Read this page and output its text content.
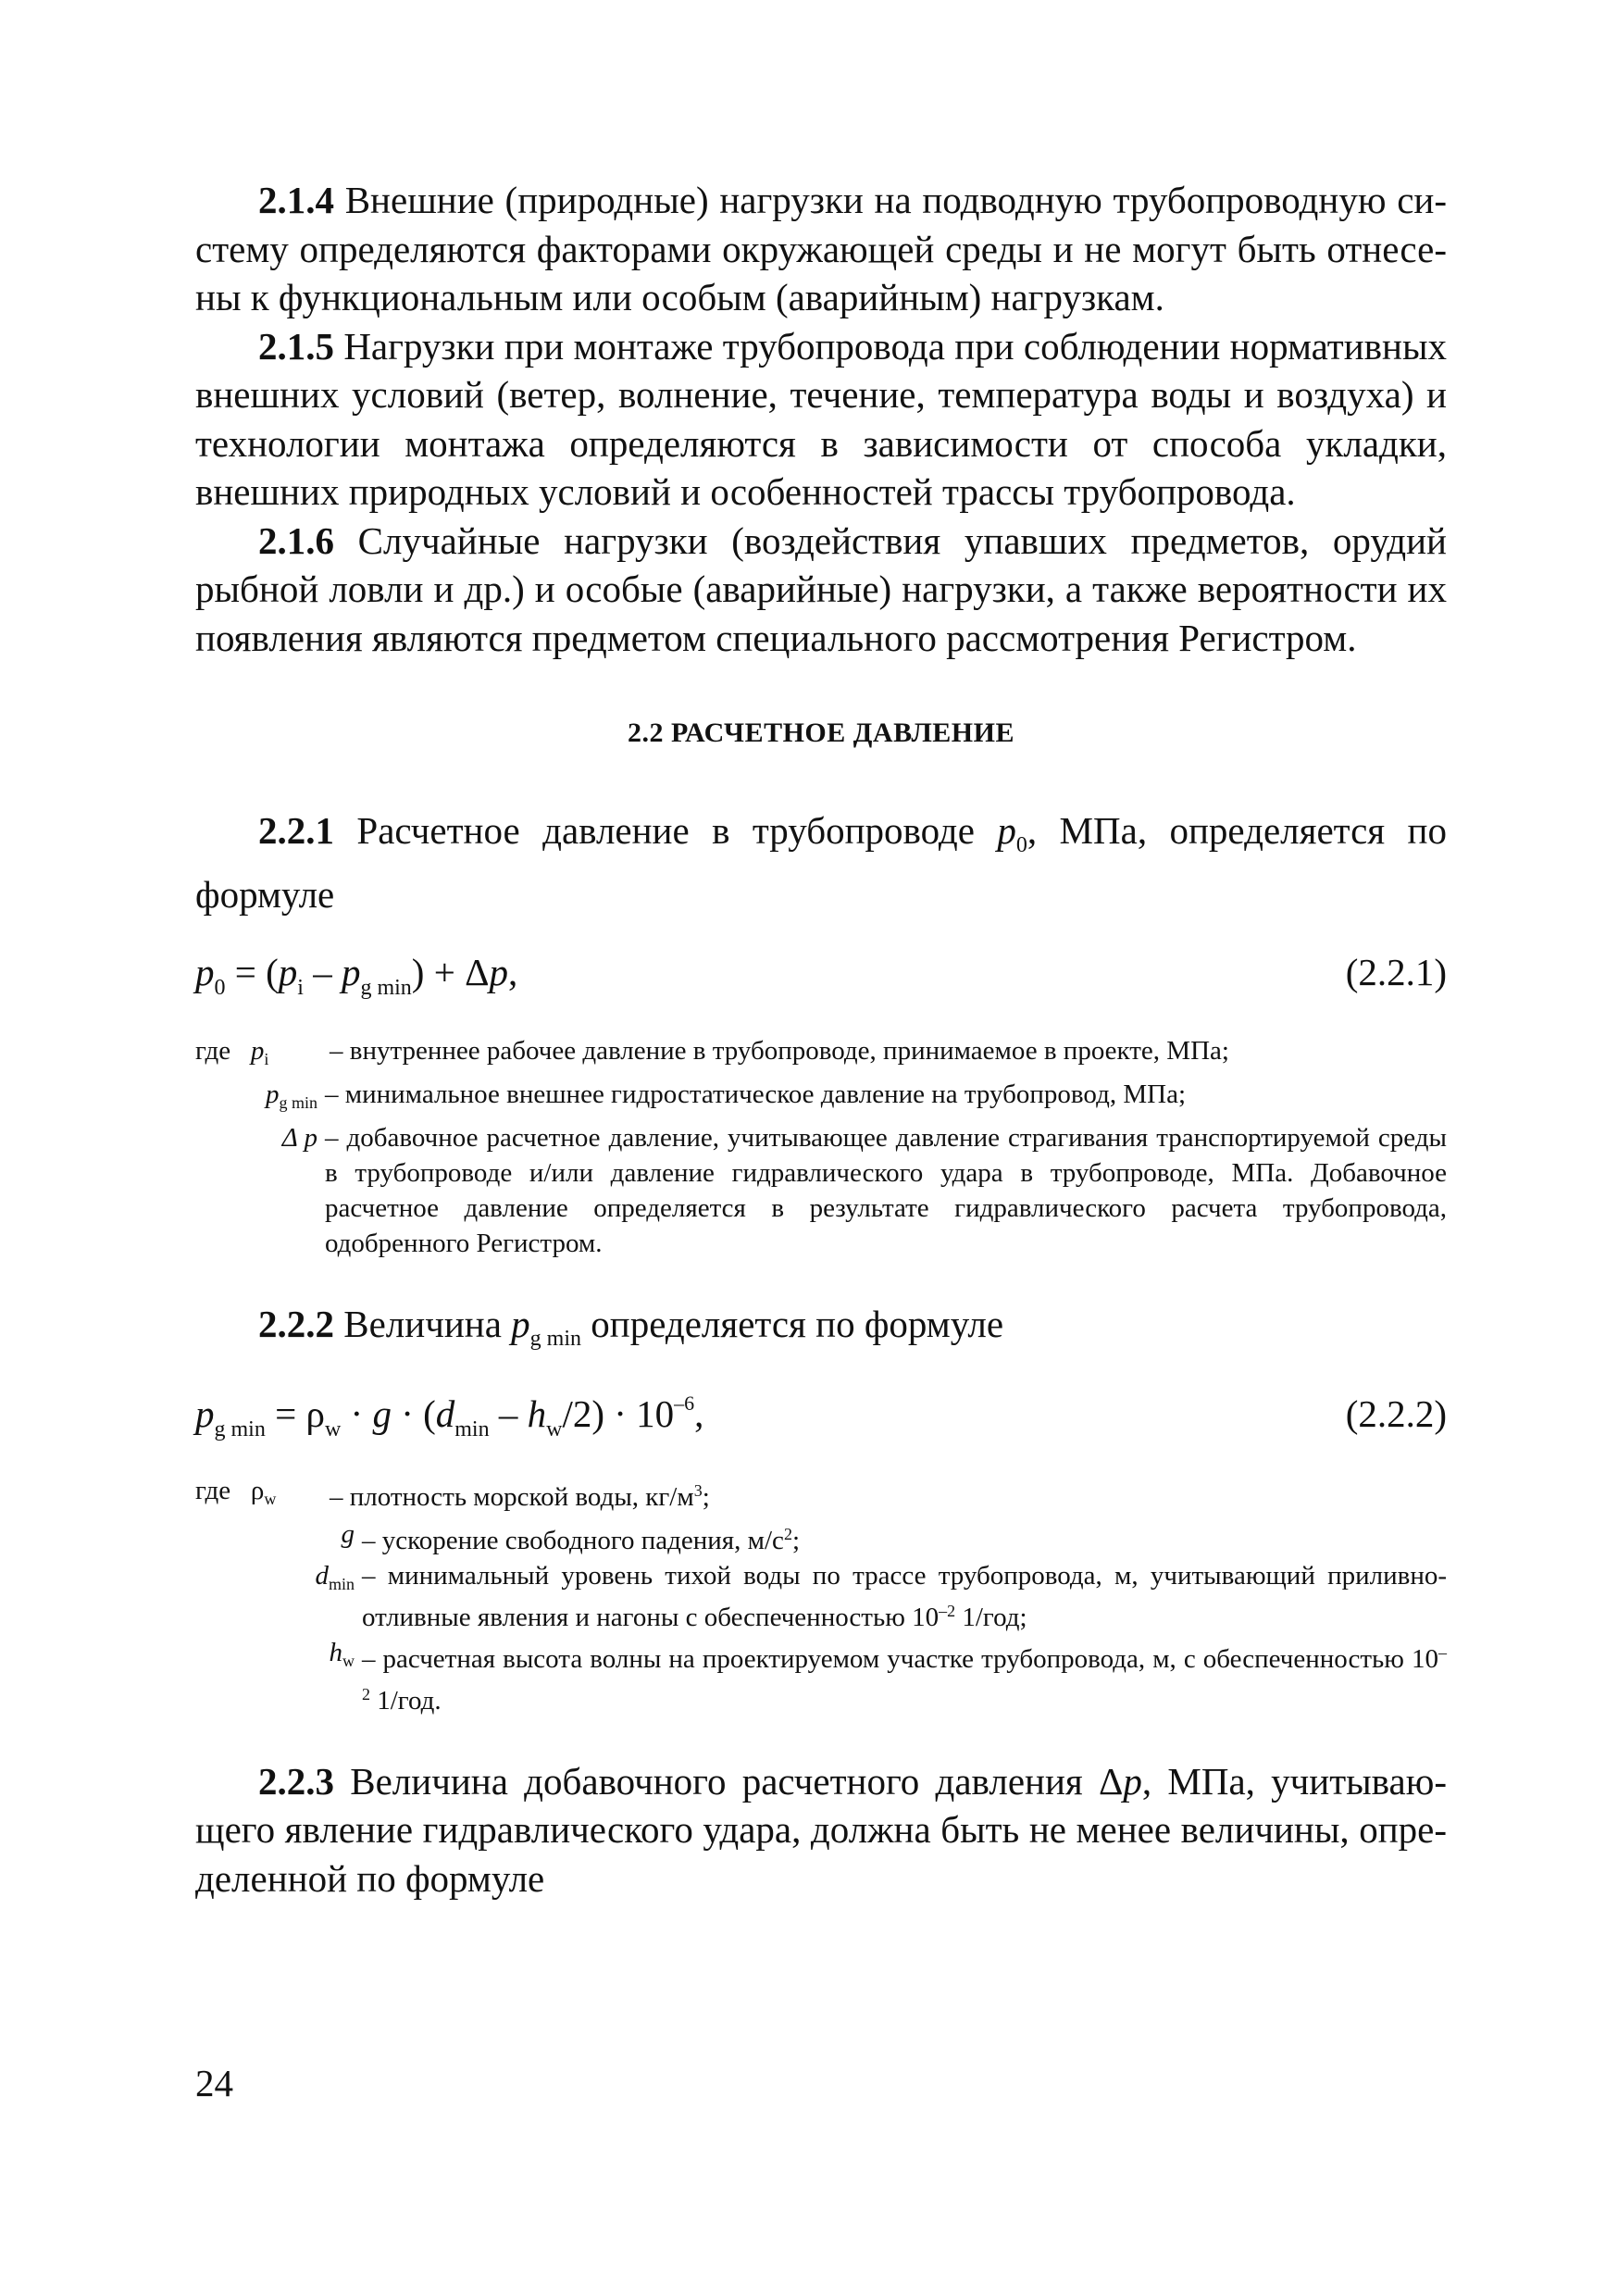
2.1.4 Внешние (природные) нагрузки на подводную трубопроводную систему определяются факторами окружающей среды и не могут быть отнесены к функциональным или особым (аварийным) нагрузкам.

2.1.5 Нагрузки при монтаже трубопровода при соблюдении нормативных внешних условий (ветер, волнение, течение, температура воды и воздуха) и технологии монтажа определяются в зависимости от способа укладки, внешних природных условий и особенностей трассы трубопровода.

2.1.6 Случайные нагрузки (воздействия упавших предметов, орудий рыбной ловли и др.) и особые (аварийные) нагрузки, а также вероятности их появления являются предметом специального рассмотрения Регистром.

2.2 РАСЧЕТНОЕ ДАВЛЕНИЕ

2.2.1 Расчетное давление в трубопроводе $p_0$, МПа, определяется по формуле

$p_0 = (p_i - p_{g min}) + \Delta p$,	(2.2.1)
где $p_i$	– внутреннее рабочее давление в трубопроводе, принимаемое в проекте, МПа;
$p_{g min}$ – минимальное внешнее гидростатическое давление на трубопровод, МПа;
Δ p – добавочное расчетное давление, учитывающее давление страгивания транспортируемой среды в трубопроводе и/или давление гидравлического удара в трубопроводе, МПа. Добавочное расчетное давление определяется в результате гидравлического расчета трубопровода, одобренного Регистром.

2.2.2 Величина $p_{g min}$ определяется по формуле

$p_{g min} = \rho_w \cdot g \cdot (d_{min} - h_w/2) \cdot 10^{-6}$,	(2.2.2)
где $\rho_w$	– плотность морской воды, $кг/м^3$;
g – ускорение свободного падения, $м/с^2$;
$d_{min}$ – минимальный уровень тихой воды по трассе трубопровода, м, учитывающий приливно-отливные явления и нагоны с обеспеченностью $10^{-2}$ 1/год;
$h_w$ – расчетная высота волны на проектируемом участке трубопровода, м, с обеспеченностью $10^{-2}$ 1/год.

2.2.3 Величина добавочного расчетного давления Δp, МПа, учитывающего явление гидравлического удара, должна быть не менее величины, определенной по формуле

24
